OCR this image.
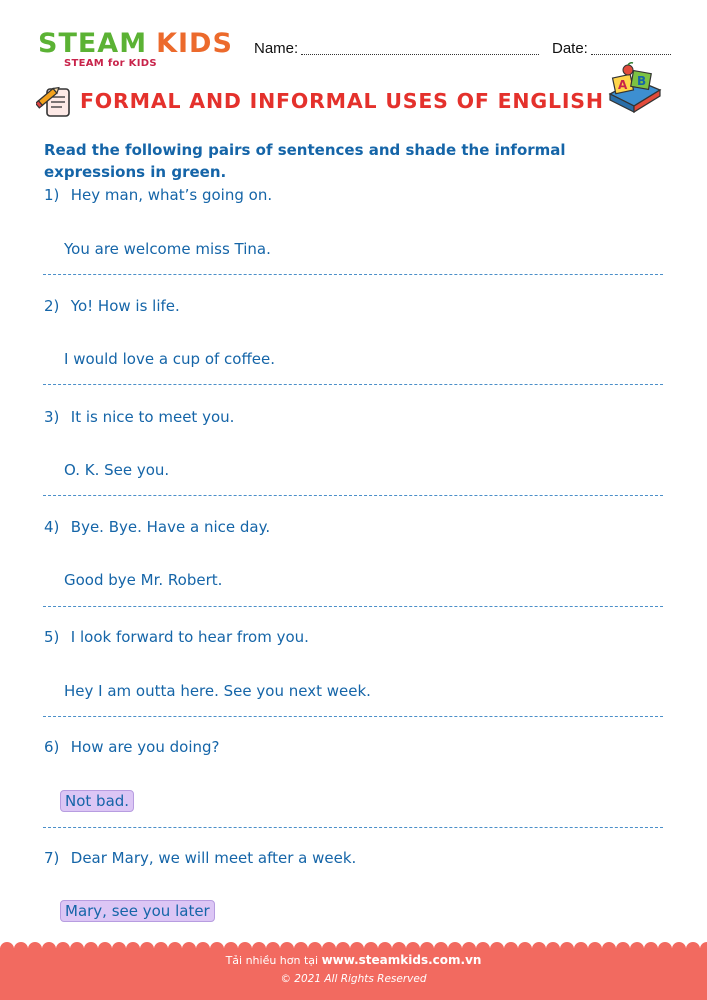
STEAM KIDS
STEAM for KIDS
Name:	Date:
FORMAL AND INFORMAL USES OF ENGLISH
A B
Read the following pairs of sentences and shade the informal expressions in green.
1) Hey man, what’s going on.
You are welcome miss Tina.
2) Yo! How is life.
I would love a cup of coffee.
3) It is nice to meet you.
O. K. See you.
4) Bye. Bye. Have a nice day.
Good bye Mr. Robert.
5) I look forward to hear from you.
Hey I am outta here. See you next week.
6) How are you doing?
Not bad.
7) Dear Mary, we will meet after a week.
Mary, see you later
Tải nhiều hơn tại www.steamkids.com.vn
© 2021 All Rights Reserved
